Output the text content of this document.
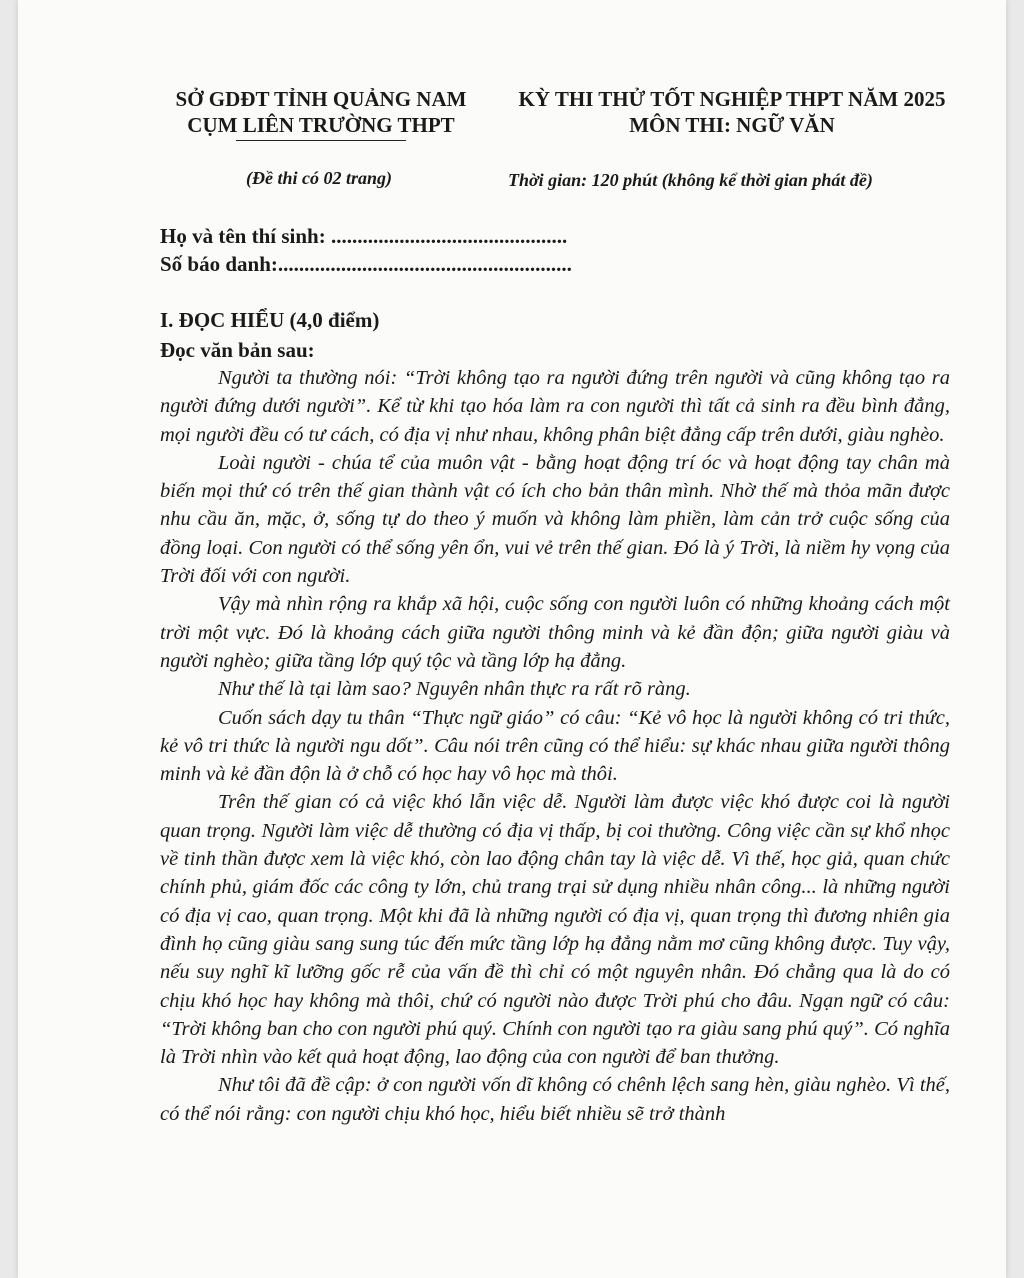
SỞ GDĐT TỈNH QUẢNG NAM
CỤM LIÊN TRƯỜNG THPT
KỲ THI THỬ TỐT NGHIỆP THPT NĂM 2025
MÔN THI: NGỮ VĂN
(Đề thi có 02 trang)	Thời gian: 120 phút (không kể thời gian phát đề)
Họ và tên thí sinh: .............................................
Số báo danh:........................................................
I. ĐỌC HIỂU (4,0 điểm)
Đọc văn bản sau:

Người ta thường nói: “Trời không tạo ra người đứng trên người và cũng không tạo ra người đứng dưới người”. Kể từ khi tạo hóa làm ra con người thì tất cả sinh ra đều bình đẳng, mọi người đều có tư cách, có địa vị như nhau, không phân biệt đẳng cấp trên dưới, giàu nghèo.

Loài người - chúa tể của muôn vật - bằng hoạt động trí óc và hoạt động tay chân mà biến mọi thứ có trên thế gian thành vật có ích cho bản thân mình. Nhờ thế mà thỏa mãn được nhu cầu ăn, mặc, ở, sống tự do theo ý muốn và không làm phiền, làm cản trở cuộc sống của đồng loại. Con người có thể sống yên ổn, vui vẻ trên thế gian. Đó là ý Trời, là niềm hy vọng của Trời đối với con người.

Vậy mà nhìn rộng ra khắp xã hội, cuộc sống con người luôn có những khoảng cách một trời một vực. Đó là khoảng cách giữa người thông minh và kẻ đần độn; giữa người giàu và người nghèo; giữa tầng lớp quý tộc và tầng lớp hạ đẳng.

Như thế là tại làm sao? Nguyên nhân thực ra rất rõ ràng.

Cuốn sách dạy tu thân “Thực ngữ giáo” có câu: “Kẻ vô học là người không có tri thức, kẻ vô tri thức là người ngu dốt”. Câu nói trên cũng có thể hiểu: sự khác nhau giữa người thông minh và kẻ đần độn là ở chỗ có học hay vô học mà thôi.

Trên thế gian có cả việc khó lẫn việc dễ. Người làm được việc khó được coi là người quan trọng. Người làm việc dễ thường có địa vị thấp, bị coi thường. Công việc cần sự khổ nhọc về tinh thần được xem là việc khó, còn lao động chân tay là việc dễ. Vì thế, học giả, quan chức chính phủ, giám đốc các công ty lớn, chủ trang trại sử dụng nhiều nhân công... là những người có địa vị cao, quan trọng. Một khi đã là những người có địa vị, quan trọng thì đương nhiên gia đình họ cũng giàu sang sung túc đến mức tầng lớp hạ đẳng nằm mơ cũng không được. Tuy vậy, nếu suy nghĩ kĩ lưỡng gốc rễ của vấn đề thì chỉ có một nguyên nhân. Đó chẳng qua là do có chịu khó học hay không mà thôi, chứ có người nào được Trời phú cho đâu. Ngạn ngữ có câu: “Trời không ban cho con người phú quý. Chính con người tạo ra giàu sang phú quý”. Có nghĩa là Trời nhìn vào kết quả hoạt động, lao động của con người để ban thưởng.

Như tôi đã đề cập: ở con người vốn dĩ không có chênh lệch sang hèn, giàu nghèo. Vì thế, có thể nói rằng: con người chịu khó học, hiểu biết nhiều sẽ trở thành
